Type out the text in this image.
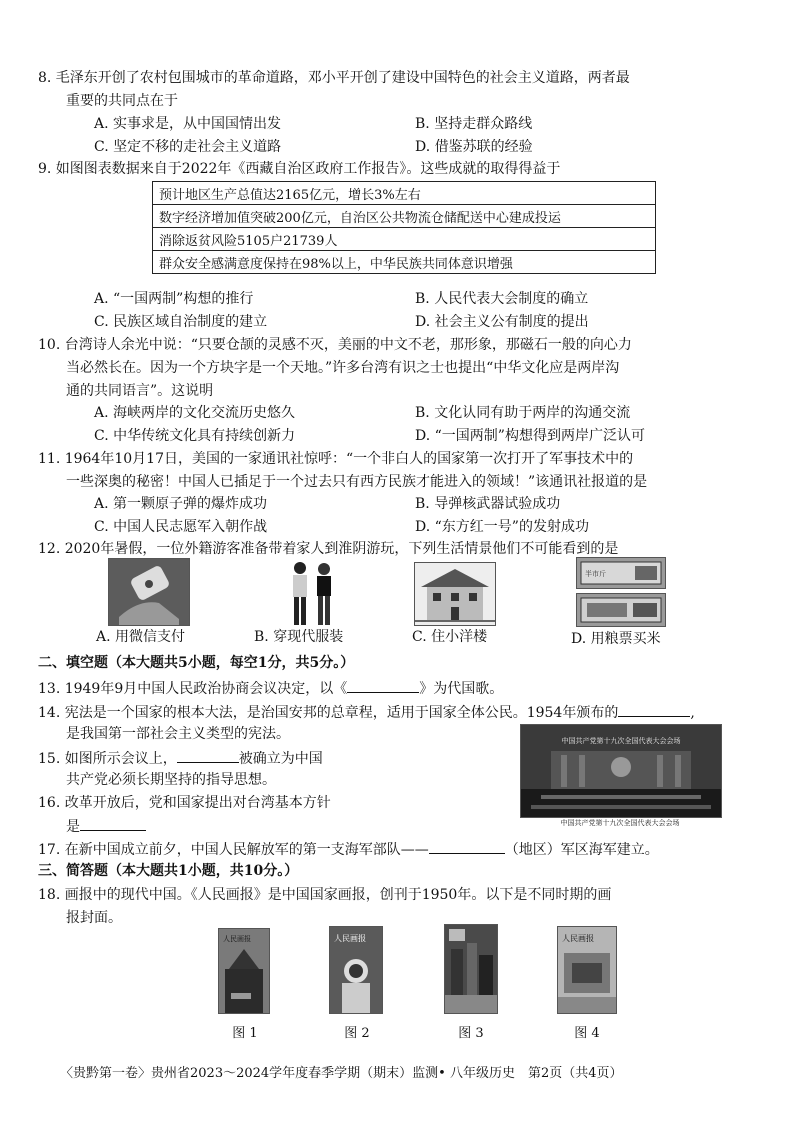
8. 毛泽东开创了农村包围城市的革命道路，邓小平开创了建设中国特色的社会主义道路，两者最
重要的共同点在于
A. 实事求是，从中国国情出发	B. 坚持走群众路线
C. 坚定不移的走社会主义道路	D. 借鉴苏联的经验
9. 如图图表数据来自于2022年《西藏自治区政府工作报告》。这些成就的取得得益于
预计地区生产总值达2165亿元，增长3%左右
数字经济增加值突破200亿元，自治区公共物流仓储配送中心建成投运
消除返贫风险5105户21739人
群众安全感满意度保持在98%以上，中华民族共同体意识增强
A. “一国两制”构想的推行	B. 人民代表大会制度的确立
C. 民族区域自治制度的建立	D. 社会主义公有制度的提出
10. 台湾诗人余光中说：“只要仓颉的灵感不灭，美丽的中文不老，那形象，那磁石一般的向心力
当必然长在。因为一个方块字是一个天地。”许多台湾有识之士也提出“中华文化应是两岸沟
通的共同语言”。这说明
A. 海峡两岸的文化交流历史悠久	B. 文化认同有助于两岸的沟通交流
C. 中华传统文化具有持续创新力	D. “一国两制”构想得到两岸广泛认可
11. 1964年10月17日，美国的一家通讯社惊呼：“一个非白人的国家第一次打开了军事技术中的
一些深奥的秘密！中国人已插足于一个过去只有西方民族才能进入的领域！”该通讯社报道的是
A. 第一颗原子弹的爆炸成功	B. 导弹核武器试验成功
C. 中国人民志愿军入朝作战	D. “东方红一号”的发射成功
12. 2020年暑假，一位外籍游客准备带着家人到淮阴游玩，下列生活情景他们不可能看到的是
半市斤
A. 用微信支付	B. 穿现代服装	C. 住小洋楼	D. 用粮票买米
二、填空题（本大题共5小题，每空1分，共5分。）
13. 1949年9月中国人民政治协商会议决定，以《	》为代国歌。
14. 宪法是一个国家的根本大法，是治国安邦的总章程，适用于国家全体公民。1954年颁布的	,
是我国第一部社会主义类型的宪法。
15. 如图所示会议上，	被确立为中国
共产党必须长期坚持的指导思想。
中国共产党第十九次全国代表大会会场
中国共产党第十九次全国代表大会会场
16. 改革开放后，党和国家提出对台湾基本方针
是
17. 在新中国成立前夕，中国人民解放军的第一支海军部队——	（地区）军区海军建立。
三、简答题（本大题共1小题，共10分。）
18. 画报中的现代中国。《人民画报》是中国国家画报，创刊于1950年。以下是不同时期的画
报封面。
人民画报	人民画报	人民画报
图 1	图 2	图 3	图 4
〈贵黔第一卷〉贵州省2023～2024学年度春季学期（期末）监测• 八年级历史　第2页（共4页）
